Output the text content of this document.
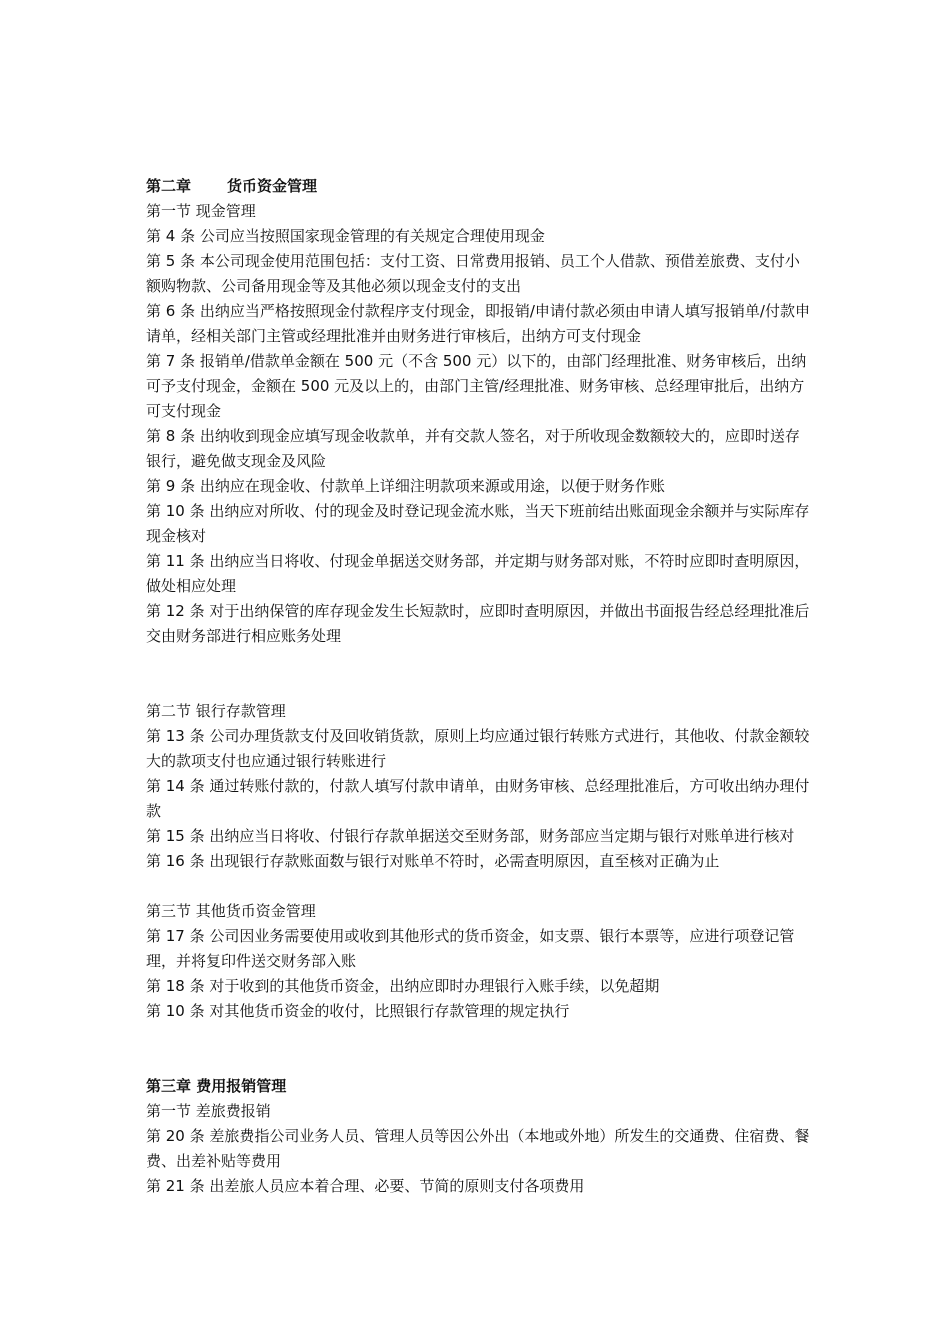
第二章 货币资金管理
第一节 现金管理
第 4 条 公司应当按照国家现金管理的有关规定合理使用现金
第 5 条 本公司现金使用范围包括：支付工资、日常费用报销、员工个人借款、预借差旅费、支付小额购物款、公司备用现金等及其他必须以现金支付的支出
第 6 条 出纳应当严格按照现金付款程序支付现金，即报销/申请付款必须由申请人填写报销单/付款申请单，经相关部门主管或经理批准并由财务进行审核后，出纳方可支付现金
第 7 条 报销单/借款单金额在 500 元（不含 500 元）以下的，由部门经理批准、财务审核后，出纳可予支付现金，金额在 500 元及以上的，由部门主管/经理批准、财务审核、总经理审批后，出纳方可支付现金
第 8 条 出纳收到现金应填写现金收款单，并有交款人签名，对于所收现金数额较大的，应即时送存银行，避免做支现金及风险
第 9 条 出纳应在现金收、付款单上详细注明款项来源或用途，以便于财务作账
第 10 条 出纳应对所收、付的现金及时登记现金流水账，当天下班前结出账面现金余额并与实际库存现金核对
第 11 条 出纳应当日将收、付现金单据送交财务部，并定期与财务部对账，不符时应即时查明原因，做处相应处理
第 12 条 对于出纳保管的库存现金发生长短款时，应即时查明原因，并做出书面报告经总经理批准后交由财务部进行相应账务处理
第二节 银行存款管理
第 13 条 公司办理货款支付及回收销货款，原则上均应通过银行转账方式进行，其他收、付款金额较大的款项支付也应通过银行转账进行
第 14 条 通过转账付款的，付款人填写付款申请单，由财务审核、总经理批准后，方可收出纳办理付款
第 15 条 出纳应当日将收、付银行存款单据送交至财务部，财务部应当定期与银行对账单进行核对
第 16 条 出现银行存款账面数与银行对账单不符时，必需查明原因，直至核对正确为止
第三节 其他货币资金管理
第 17 条 公司因业务需要使用或收到其他形式的货币资金，如支票、银行本票等，应进行项登记管理，并将复印件送交财务部入账
第 18 条 对于收到的其他货币资金，出纳应即时办理银行入账手续，以免超期
第 10 条 对其他货币资金的收付，比照银行存款管理的规定执行
第三章 费用报销管理
第一节 差旅费报销
第 20 条 差旅费指公司业务人员、管理人员等因公外出（本地或外地）所发生的交通费、住宿费、餐费、出差补贴等费用
第 21 条 出差旅人员应本着合理、必要、节简的原则支付各项费用
